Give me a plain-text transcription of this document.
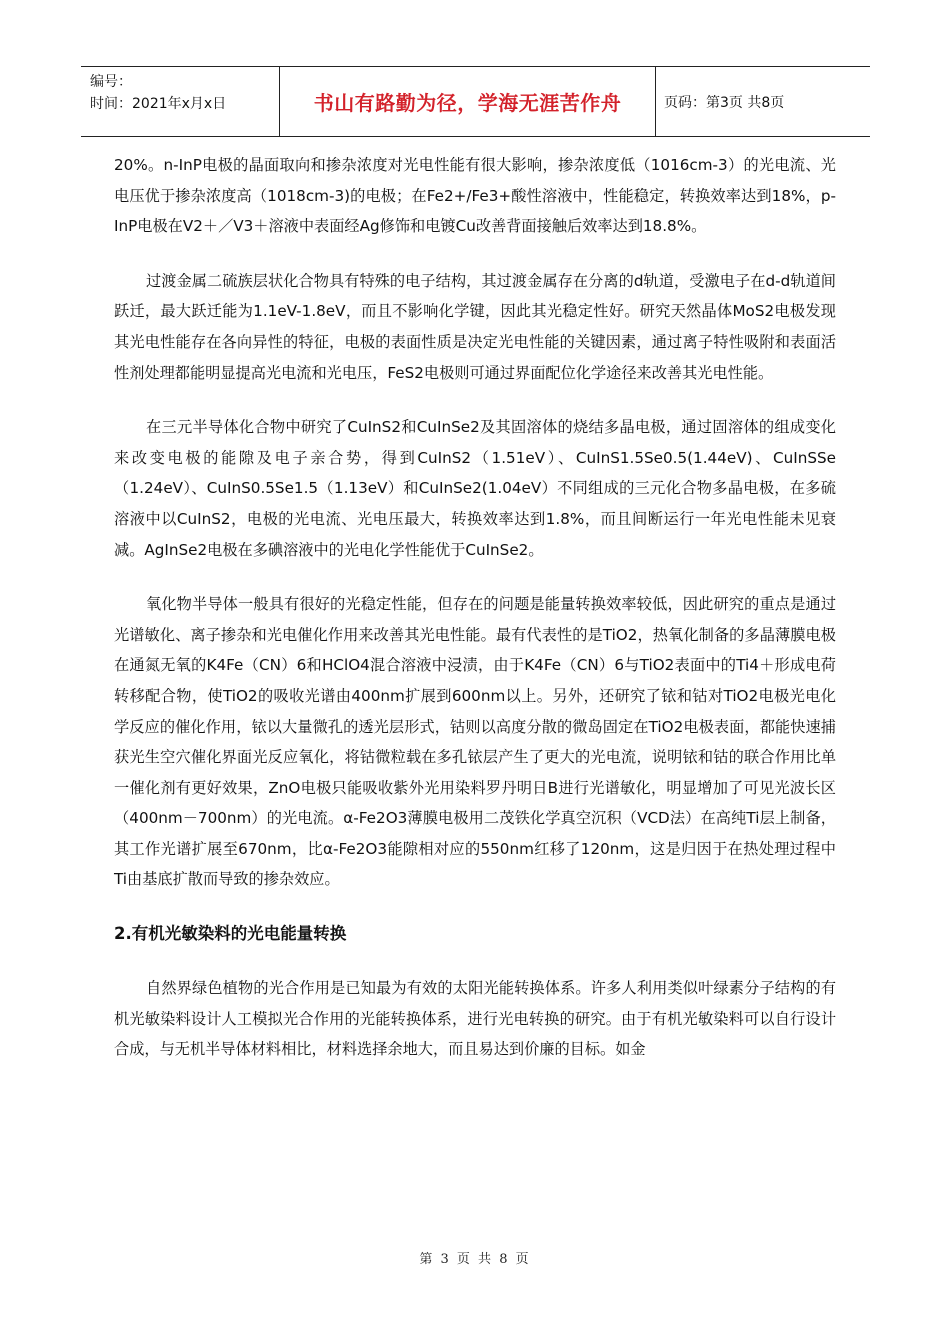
编号：
时间：2021年x月x日	书山有路勤为径，学海无涯苦作舟	页码：第3页 共8页

20%。n-InP电极的晶面取向和掺杂浓度对光电性能有很大影响，掺杂浓度低（1016cm-3）的光电流、光电压优于掺杂浓度高（1018cm-3)的电极；在Fe2+/Fe3+酸性溶液中，性能稳定，转换效率达到18%，p-InP电极在V2＋／V3＋溶液中表面经Ag修饰和电镀Cu改善背面接触后效率达到18.8%。

过渡金属二硫族层状化合物具有特殊的电子结构，其过渡金属存在分离的d轨道，受激电子在d-d轨道间跃迁，最大跃迁能为1.1eV-1.8eV，而且不影响化学键，因此其光稳定性好。研究天然晶体MoS2电极发现其光电性能存在各向异性的特征，电极的表面性质是决定光电性能的关键因素，通过离子特性吸附和表面活性剂处理都能明显提高光电流和光电压，FeS2电极则可通过界面配位化学途径来改善其光电性能。

在三元半导体化合物中研究了CuInS2和CuInSe2及其固溶体的烧结多晶电极，通过固溶体的组成变化来改变电极的能隙及电子亲合势，得到CuInS2（1.51eV）、CuInS1.5Se0.5(1.44eV)、CuInSSe（1.24eV）、CuInS0.5Se1.5（1.13eV）和CuInSe2(1.04eV）不同组成的三元化合物多晶电极，在多硫溶液中以CuInS2，电极的光电流、光电压最大，转换效率达到1.8%，而且间断运行一年光电性能未见衰减。AgInSe2电极在多碘溶液中的光电化学性能优于CuInSe2。

氧化物半导体一般具有很好的光稳定性能，但存在的问题是能量转换效率较低，因此研究的重点是通过光谱敏化、离子掺杂和光电催化作用来改善其光电性能。最有代表性的是TiO2，热氧化制备的多晶薄膜电极在通氮无氧的K4Fe（CN）6和HClO4混合溶液中浸渍，由于K4Fe（CN）6与TiO2表面中的Ti4＋形成电荷转移配合物，使TiO2的吸收光谱由400nm扩展到600nm以上。另外，还研究了铱和钴对TiO2电极光电化学反应的催化作用，铱以大量微孔的透光层形式，钴则以高度分散的微岛固定在TiO2电极表面，都能快速捕获光生空穴催化界面光反应氧化，将钴微粒载在多孔铱层产生了更大的光电流，说明铱和钴的联合作用比单一催化剂有更好效果，ZnO电极只能吸收紫外光用染料罗丹明日B进行光谱敏化，明显增加了可见光波长区（400nm－700nm）的光电流。α-Fe2O3薄膜电极用二茂铁化学真空沉积（VCD法）在高纯Ti层上制备，其工作光谱扩展至670nm，比α-Fe2O3能隙相对应的550nm红移了120nm，这是归因于在热处理过程中Ti由基底扩散而导致的掺杂效应。

2.有机光敏染料的光电能量转换

自然界绿色植物的光合作用是已知最为有效的太阳光能转换体系。许多人利用类似叶绿素分子结构的有机光敏染料设计人工模拟光合作用的光能转换体系，进行光电转换的研究。由于有机光敏染料可以自行设计合成，与无机半导体材料相比，材料选择余地大，而且易达到价廉的目标。如金

第 3 页 共 8 页
